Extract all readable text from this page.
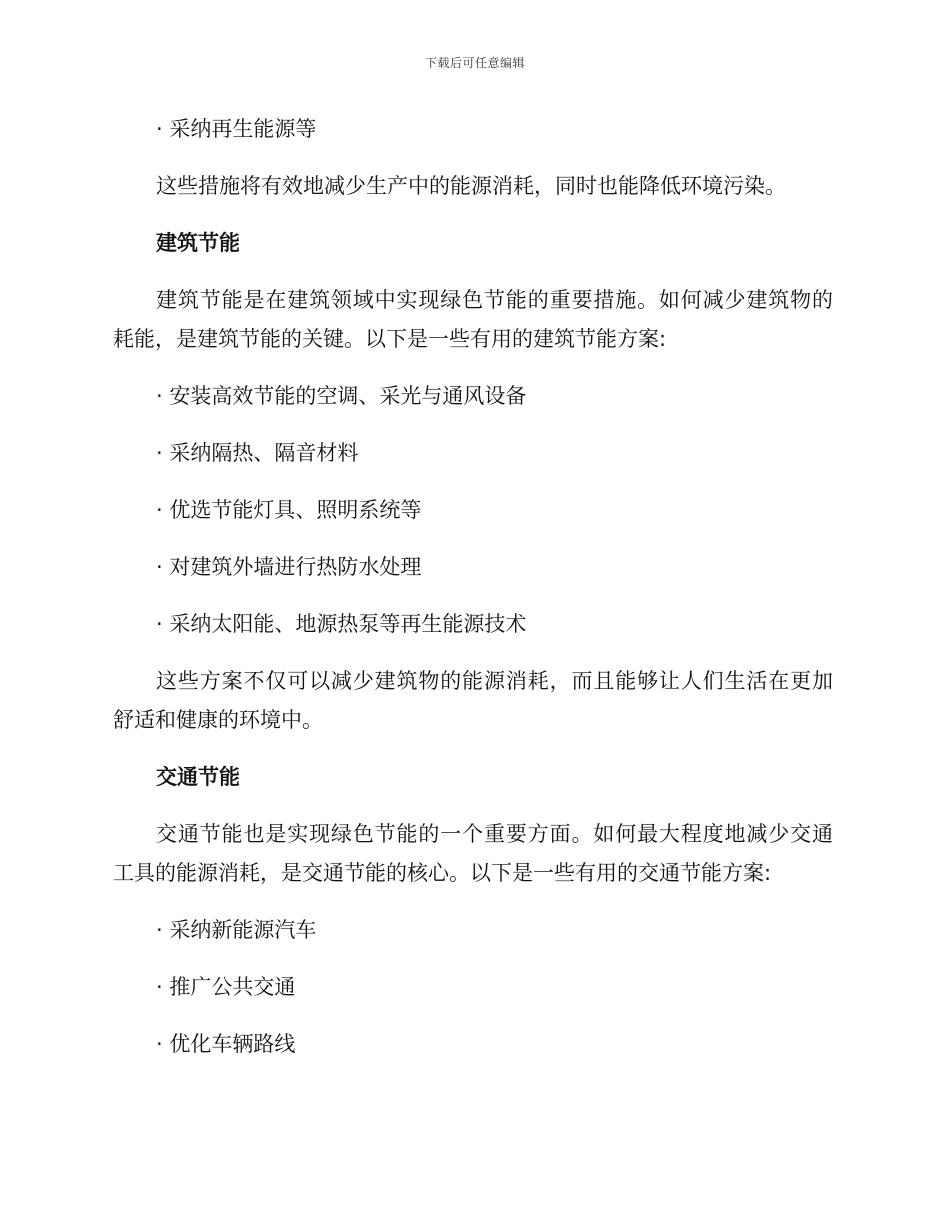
下载后可任意编辑
· 采纳再生能源等
这些措施将有效地减少生产中的能源消耗，同时也能降低环境污染。
建筑节能
建筑节能是在建筑领域中实现绿色节能的重要措施。如何减少建筑物的
耗能，是建筑节能的关键。以下是一些有用的建筑节能方案:
· 安装高效节能的空调、采光与通风设备
· 采纳隔热、隔音材料
· 优选节能灯具、照明系统等
· 对建筑外墙进行热防水处理
· 采纳太阳能、地源热泵等再生能源技术
这些方案不仅可以减少建筑物的能源消耗，而且能够让人们生活在更加
舒适和健康的环境中。
交通节能
交通节能也是实现绿色节能的一个重要方面。如何最大程度地减少交通
工具的能源消耗，是交通节能的核心。以下是一些有用的交通节能方案:
· 采纳新能源汽车
· 推广公共交通
· 优化车辆路线
